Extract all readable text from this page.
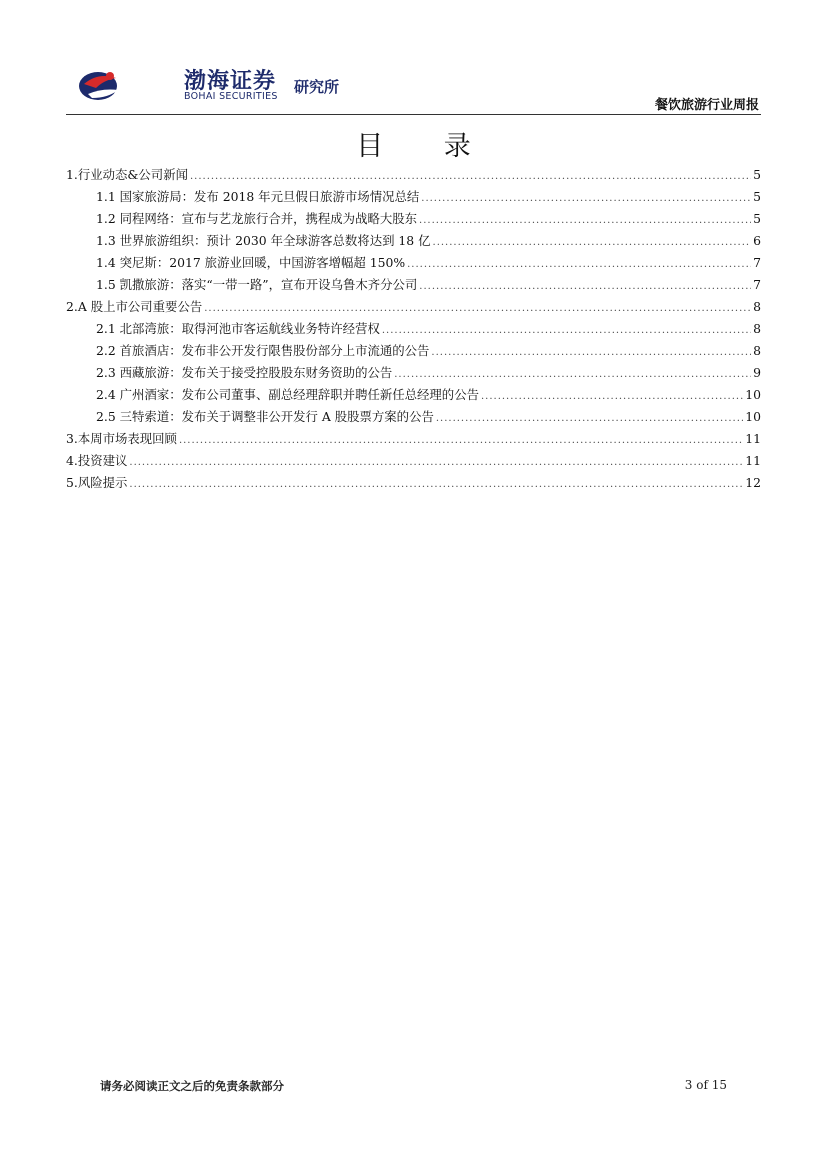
渤海证券
BOHAI SECURITIES
研究所
餐饮旅游行业周报
目 录
1.行业动态&公司新闻 .....	5
1.1 国家旅游局：发布 2018 年元旦假日旅游市场情况总结 .....	5
1.2 同程网络：宣布与艺龙旅行合并，携程成为战略大股东 .....	5
1.3 世界旅游组织：预计 2030 年全球游客总数将达到 18 亿 .....	6
1.4 突尼斯：2017 旅游业回暖，中国游客增幅超 150% .....	7
1.5 凯撒旅游：落实“一带一路”，宣布开设乌鲁木齐分公司 .....	7
2.A 股上市公司重要公告 .....	8
2.1 北部湾旅：取得河池市客运航线业务特许经营权 .....	8
2.2 首旅酒店：发布非公开发行限售股份部分上市流通的公告 .....	8
2.3 西藏旅游：发布关于接受控股股东财务资助的公告 .....	9
2.4 广州酒家：发布公司董事、副总经理辞职并聘任新任总经理的公告 .....	10
2.5 三特索道：发布关于调整非公开发行 A 股股票方案的公告 .....	10
3.本周市场表现回顾 .....	11
4.投资建议 .....	11
5.风险提示 .....	12
请务必阅读正文之后的免责条款部分	3 of 15
